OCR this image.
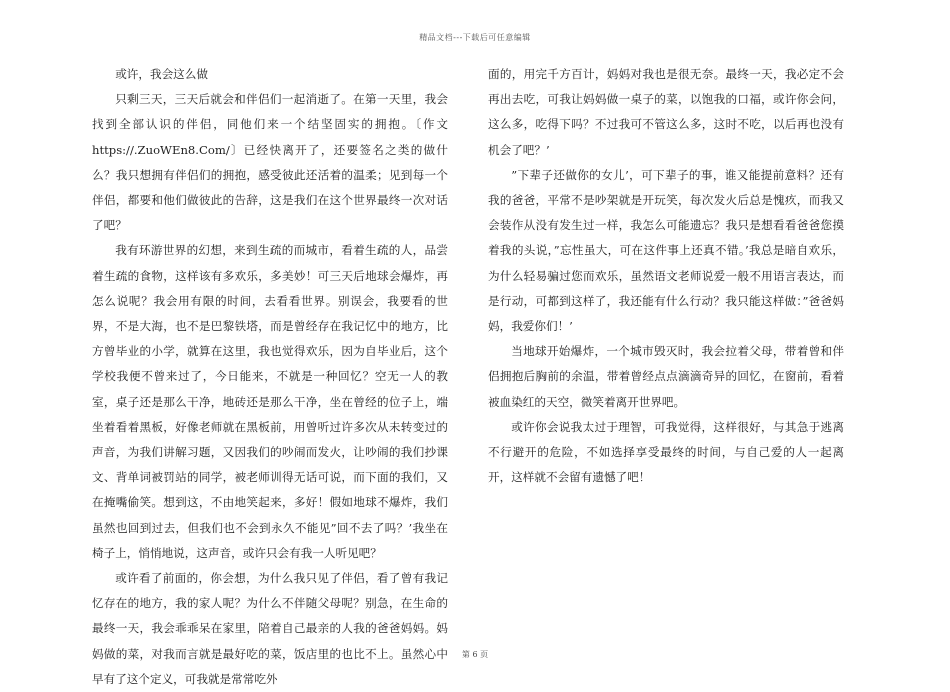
精品文档---下载后可任意编辑

或许，我会这么做

只剩三天，三天后就会和伴侣们一起消逝了。在第一天里，我会找到全部认识的伴侣，同他们来一个结坚固实的拥抱。〔作文https://.ZuoWEn8.Com/〕已经快离开了，还要签名之类的做什么？我只想拥有伴侣们的拥抱，感受彼此还活着的温柔；见到每一个伴侣，都要和他们做彼此的告辞，这是我们在这个世界最终一次对话了吧？

我有环游世界的幻想，来到生疏的而城市，看着生疏的人，品尝着生疏的食物，这样该有多欢乐，多美妙！可三天后地球会爆炸，再怎么说呢？我会用有限的时间，去看看世界。别误会，我要看的世界，不是大海，也不是巴黎铁塔，而是曾经存在我记忆中的地方，比方曾毕业的小学，就算在这里，我也觉得欢乐，因为自毕业后，这个学校我便不曾来过了，今日能来，不就是一种回忆？空无一人的教室，桌子还是那么干净，地砖还是那么干净，坐在曾经的位子上，端坐着看着黑板，好像老师就在黑板前，用曾听过许多次从未转变过的声音，为我们讲解习题，又因我们的吵闹而发火，让吵闹的我们抄课文、背单词被罚站的同学，被老师训得无话可说，而下面的我们，又在掩嘴偷笑。想到这，不由地笑起来，多好！假如地球不爆炸，我们虽然也回到过去，但我们也不会到永久不能见”回不去了吗？’我坐在椅子上，悄悄地说，这声音，或许只会有我一人听见吧？

或许看了前面的，你会想，为什么我只见了伴侣，看了曾有我记忆存在的地方，我的家人呢？为什么不伴随父母呢？别急，在生命的最终一天，我会乖乖呆在家里，陪着自己最亲的人我的爸爸妈妈。妈妈做的菜，对我而言就是最好吃的菜，饭店里的也比不上。虽然心中早有了这个定义，可我就是常常吃外

面的，用完千方百计，妈妈对我也是很无奈。最终一天，我必定不会再出去吃，可我让妈妈做一桌子的菜，以饱我的口福，或许你会问，这么多，吃得下吗？不过我可不管这么多，这时不吃，以后再也没有机会了吧？’

”下辈子还做你的女儿’，可下辈子的事，谁又能提前意料？还有我的爸爸，平常不是吵架就是开玩笑，每次发火后总是愧疚，而我又会装作从没有发生过一样，我怎么可能遗忘？我只是想看看爸爸您摸着我的头说，”忘性虽大，可在这件事上还真不错。’我总是暗自欢乐，为什么轻易骗过您而欢乐，虽然语文老师说爱一般不用语言表达，而是行动，可都到这样了，我还能有什么行动？我只能这样做：”爸爸妈妈，我爱你们！’

当地球开始爆炸，一个城市毁灭时，我会拉着父母，带着曾和伴侣拥抱后胸前的余温，带着曾经点点滴滴奇异的回忆，在窗前，看着被血染红的天空，微笑着离开世界吧。

或许你会说我太过于理智，可我觉得，这样很好，与其急于逃离不行避开的危险，不如选择享受最终的时间，与自己爱的人一起离开，这样就不会留有遗憾了吧！

第 6 页
